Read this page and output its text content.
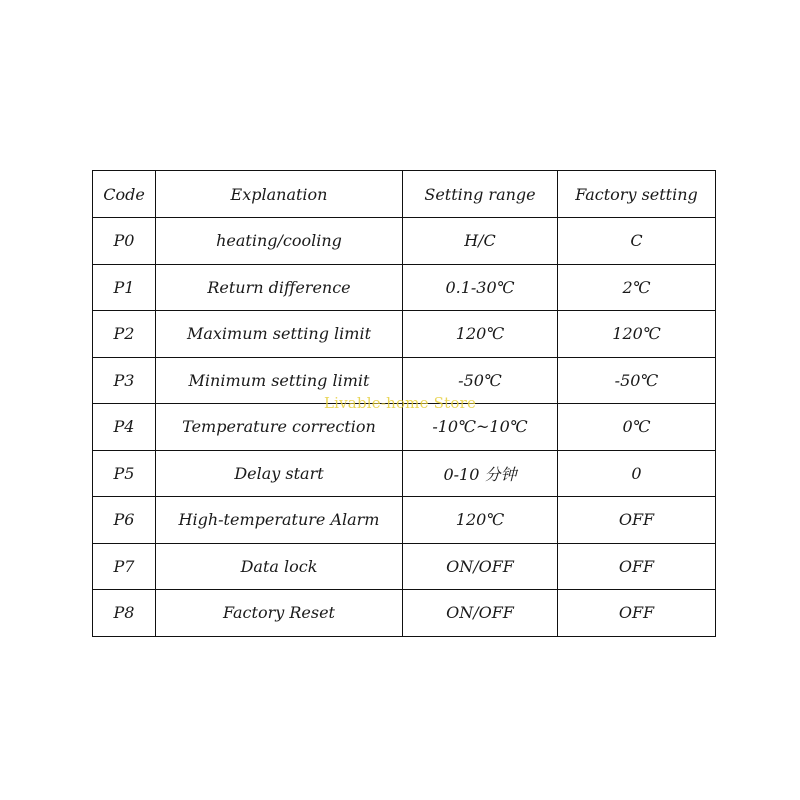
Code	Explanation	Setting range	Factory setting
P0	heating/cooling	H/C	C
P1	Return difference	0.1-30℃	2℃
P2	Maximum setting limit	120℃	120℃
P3	Minimum setting limit	-50℃	-50℃
P4	Temperature correction	-10℃~10℃	0℃
P5	Delay start	0-10 分钟	0
P6	High-temperature Alarm	120℃	OFF
P7	Data lock	ON/OFF	OFF
P8	Factory Reset	ON/OFF	OFF
Livable-home Store
